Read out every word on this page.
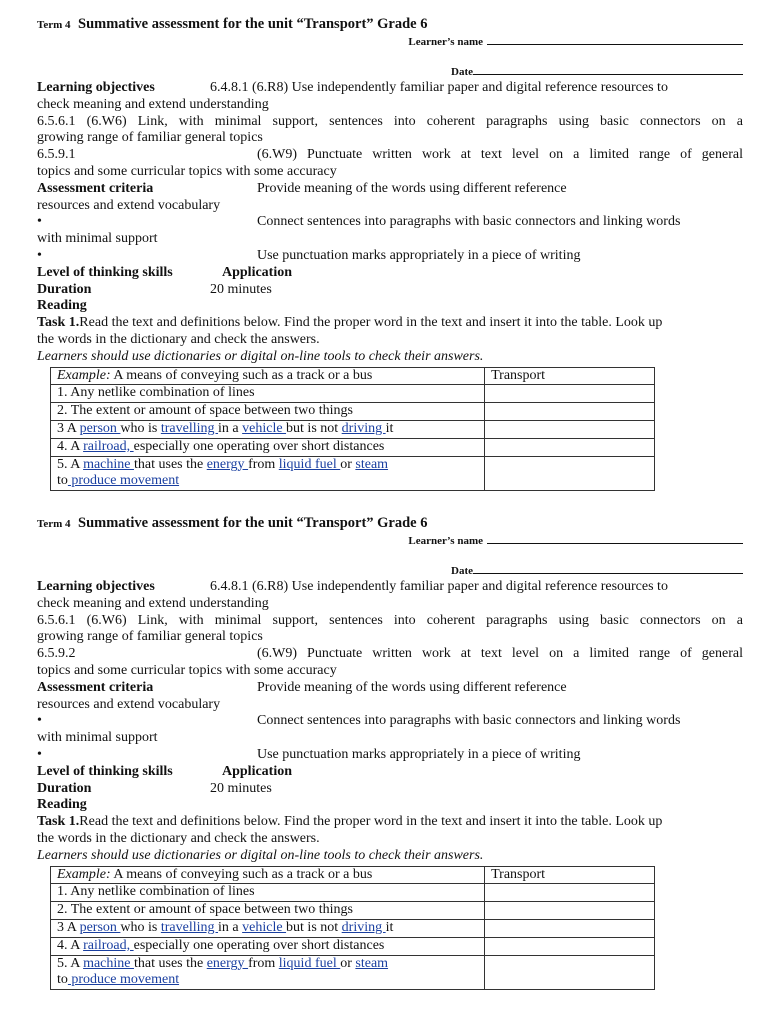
Term 4 Summative assessment for the unit “Transport” Grade 6
Learner’s name
Date
Learning objectives	6.4.8.1 (6.R8) Use independently familiar paper and digital reference resources to
check meaning and extend understanding
6.5.6.1 (6.W6) Link, with minimal support, sentences into coherent paragraphs using basic connectors on a
growing range of familiar general topics
6.5.9.1	(6.W9) Punctuate written work at text level on a limited range of general
topics and some curricular topics with some accuracy
Assessment criteria	Provide meaning of the words using different reference
resources and extend vocabulary
•	Connect sentences into paragraphs with basic connectors and linking words
with minimal support
•	Use punctuation marks appropriately in a piece of writing
Level of thinking skills	Application
Duration	20 minutes
Reading
Task 1.Read the text and definitions below. Find the proper word in the text and insert it into the table. Look up
the words in the dictionary and check the answers.
Learners should use dictionaries or digital on-line tools to check their answers.
Example: A means of conveying such as a track or a bus	Transport
1. Any netlike combination of lines	
2. The extent or amount of space between two things	
3 A person who is travelling in a vehicle but is not driving it	
4. A railroad, especially one operating over short distances	
5. A machine that uses the energy from liquid fuel or steam
to produce movement	
Term 4 Summative assessment for the unit “Transport” Grade 6
Learner’s name
Date
Learning objectives	6.4.8.1 (6.R8) Use independently familiar paper and digital reference resources to
check meaning and extend understanding
6.5.6.1 (6.W6) Link, with minimal support, sentences into coherent paragraphs using basic connectors on a
growing range of familiar general topics
6.5.9.2	(6.W9) Punctuate written work at text level on a limited range of general
topics and some curricular topics with some accuracy
Assessment criteria	Provide meaning of the words using different reference
resources and extend vocabulary
•	Connect sentences into paragraphs with basic connectors and linking words
with minimal support
•	Use punctuation marks appropriately in a piece of writing
Level of thinking skills	Application
Duration	20 minutes
Reading
Task 1.Read the text and definitions below. Find the proper word in the text and insert it into the table. Look up
the words in the dictionary and check the answers.
Learners should use dictionaries or digital on-line tools to check their answers.
Example: A means of conveying such as a track or a bus	Transport
1. Any netlike combination of lines	
2. The extent or amount of space between two things	
3 A person who is travelling in a vehicle but is not driving it	
4. A railroad, especially one operating over short distances	
5. A machine that uses the energy from liquid fuel or steam
to produce movement	
